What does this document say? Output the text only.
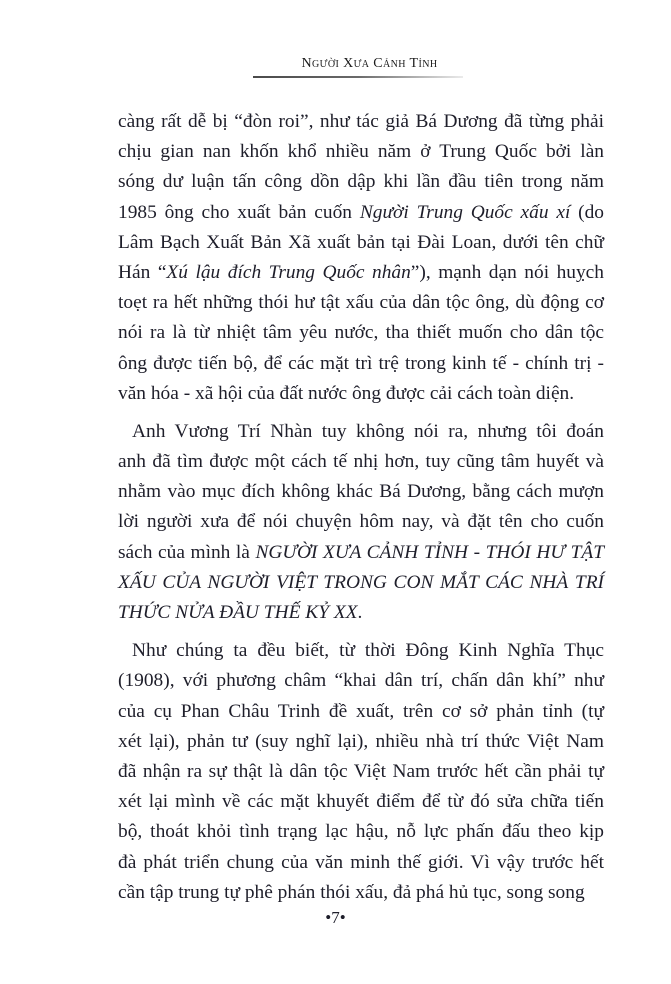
Người Xưa Cảnh Tỉnh
càng rất dễ bị “đòn roi”, như tác giả Bá Dương đã từng phải
chịu gian nan khốn khổ nhiều năm ở Trung Quốc bởi làn
sóng dư luận tấn công dồn dập khi lần đầu tiên trong năm
1985 ông cho xuất bản cuốn Người Trung Quốc xấu xí (do
Lâm Bạch Xuất Bản Xã xuất bản tại Đài Loan, dưới tên chữ
Hán “Xú lậu đích Trung Quốc nhân”), mạnh dạn nói huỵch
toẹt ra hết những thói hư tật xấu của dân tộc ông, dù động cơ
nói ra là từ nhiệt tâm yêu nước, tha thiết muốn cho dân tộc
ông được tiến bộ, để các mặt trì trệ trong kinh tế - chính trị -
văn hóa - xã hội của đất nước ông được cải cách toàn diện.
Anh Vương Trí Nhàn tuy không nói ra, nhưng tôi đoán
anh đã tìm được một cách tế nhị hơn, tuy cũng tâm huyết và
nhằm vào mục đích không khác Bá Dương, bằng cách mượn
lời người xưa để nói chuyện hôm nay, và đặt tên cho cuốn
sách của mình là NGƯỜI XƯA CẢNH TỈNH - THÓI HƯ TẬT
XẤU CỦA NGƯỜI VIỆT TRONG CON MẮT CÁC NHÀ TRÍ
THỨC NỬA ĐẦU THẾ KỶ XX.
Như chúng ta đều biết, từ thời Đông Kinh Nghĩa Thục
(1908), với phương châm “khai dân trí, chấn dân khí” như
của cụ Phan Châu Trinh đề xuất, trên cơ sở phản tỉnh (tự
xét lại), phản tư (suy nghĩ lại), nhiều nhà trí thức Việt Nam
đã nhận ra sự thật là dân tộc Việt Nam trước hết cần phải tự
xét lại mình về các mặt khuyết điểm để từ đó sửa chữa tiến
bộ, thoát khỏi tình trạng lạc hậu, nỗ lực phấn đấu theo kịp
đà phát triển chung của văn minh thế giới. Vì vậy trước hết
cần tập trung tự phê phán thói xấu, đả phá hủ tục, song song
•7•
